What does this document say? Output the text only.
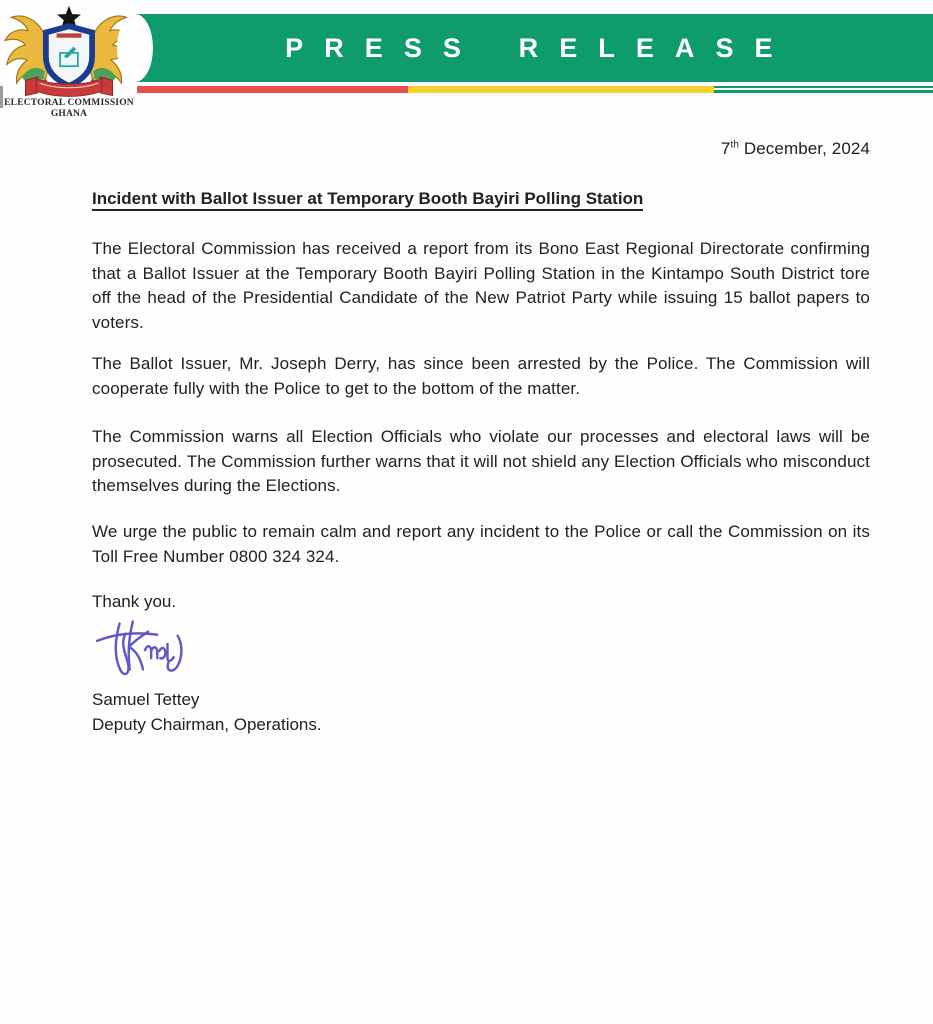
ELECTORAL COMMISSION
GHANA
PRESS RELEASE
7th December, 2024
Incident with Ballot Issuer at Temporary Booth Bayiri Polling Station

The Electoral Commission has received a report from its Bono East Regional Directorate confirming that a Ballot Issuer at the Temporary Booth Bayiri Polling Station in the Kintampo South District tore off the head of the Presidential Candidate of the New Patriot Party while issuing 15 ballot papers to voters.

The Ballot Issuer, Mr. Joseph Derry, has since been arrested by the Police. The Commission will cooperate fully with the Police to get to the bottom of the matter.

The Commission warns all Election Officials who violate our processes and electoral laws will be prosecuted. The Commission further warns that it will not shield any Election Officials who misconduct themselves during the Elections.

We urge the public to remain calm and report any incident to the Police or call the Commission on its Toll Free Number 0800 324 324.

Thank you.

Samuel Tettey
Deputy Chairman, Operations.
